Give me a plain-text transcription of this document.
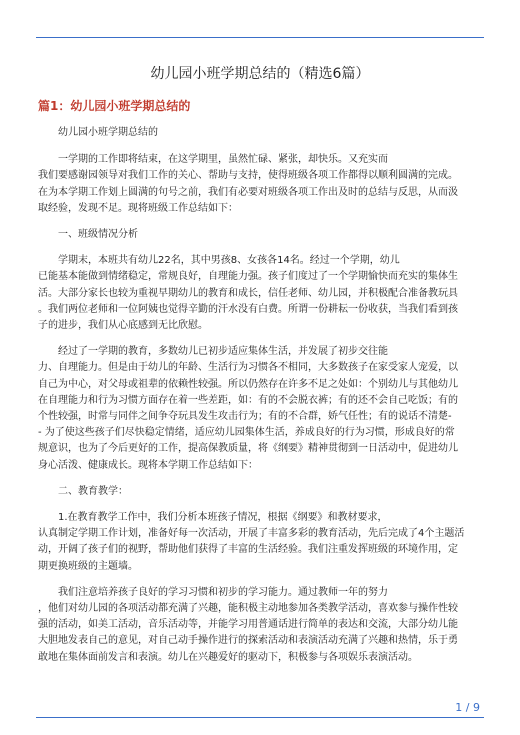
幼儿园小班学期总结的（精选6篇）
篇1：幼儿园小班学期总结的

幼儿园小班学期总结的

一学期的工作即将结束，在这学期里，虽然忙碌、紧张，却快乐。又充实而

我们要感谢园领导对我们工作的关心、帮助与支持，使得班级各项工作都得以顺利圆满的完成。

在为本学期工作划上圆满的句号之前，我们有必要对班级各项工作出及时的总结与反思，从而汲

取经验，发现不足。现将班级工作总结如下：

一、班级情况分析

学期末，本班共有幼儿22名，其中男孩8、女孩各14名。经过一个学期，幼儿

已能基本能做到情绪稳定，常规良好，自理能力强。孩子们度过了一个学期愉快而充实的集体生

活。大部分家长也较为重视早期幼儿的教育和成长，信任老师、幼儿园，并积极配合准备教玩具

。我们两位老师和一位阿姨也觉得辛勤的汗水没有白费。所谓一份耕耘一份收获，当我们看到孩

子的进步，我们从心底感到无比欣慰。

经过了一学期的教育，多数幼儿已初步适应集体生活，并发展了初步交往能

力、自理能力。但是由于幼儿的年龄、生活行为习惯各不相同，大多数孩子在家受家人宠爱，以

自己为中心，对父母或祖辈的依赖性较强。所以仍然存在许多不足之处如：个别幼儿与其他幼儿

在自理能力和行为习惯方面存在着一些差距，如：有的不会脱衣裤；有的还不会自己吃饭；有的

个性较强，时常与同伴之间争夺玩具发生攻击行为；有的不合群，娇气任性；有的说话不清楚-

- 为了使这些孩子们尽快稳定情绪，适应幼儿园集体生活，养成良好的行为习惯，形成良好的常

规意识，也为了今后更好的工作，提高保教质量，将《纲要》精神贯彻到一日活动中，促进幼儿

身心活泼、健康成长。现将本学期工作总结如下：

二、教育教学：

1.在教育教学工作中，我们分析本班孩子情况，根据《纲要》和教材要求，

认真制定学期工作计划，准备好每一次活动，开展了丰富多彩的教育活动，先后完成了4个主题活

动，开阔了孩子们的视野，帮助他们获得了丰富的生活经验。我们注重发挥班级的环境作用，定

期更换班级的主题墙。

我们注意培养孩子良好的学习习惯和初步的学习能力。通过教师一年的努力

，他们对幼儿园的各项活动都充满了兴趣，能积极主动地参加各类教学活动，喜欢参与操作性较

强的活动，如美工活动，音乐活动等，并能学习用普通话进行简单的表达和交流，大部分幼儿能

大胆地发表自己的意见，对自己动手操作进行的探索活动和表演活动充满了兴趣和热情，乐于勇

敢地在集体面前发言和表演。幼儿在兴趣爱好的驱动下，积极参与各项娱乐表演活动。

1 / 9
